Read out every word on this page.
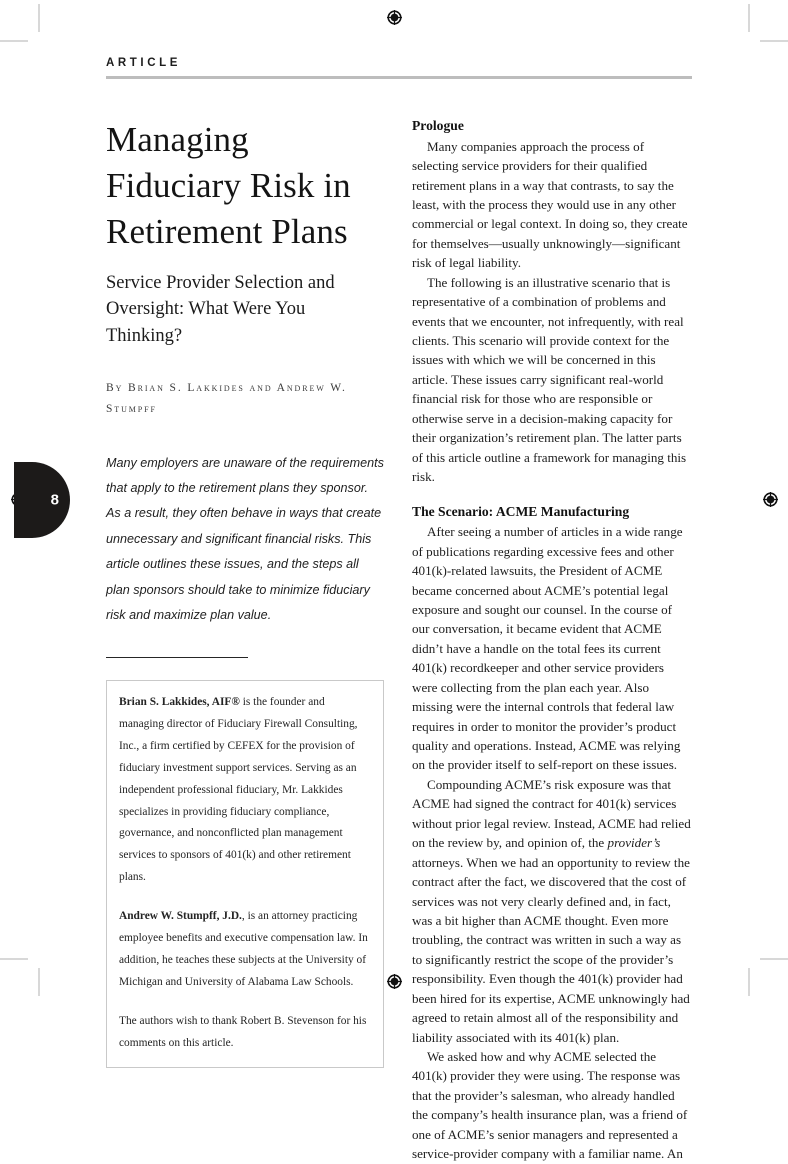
8
ARTICLE
Managing Fiduciary Risk in Retirement Plans
Service Provider Selection and Oversight: What Were You Thinking?
By Brian S. Lakkides and Andrew W. Stumpff
Many employers are unaware of the requirements that apply to the retirement plans they sponsor. As a result, they often behave in ways that create unnecessary and significant financial risks. This article outlines these issues, and the steps all plan sponsors should take to minimize fiduciary risk and maximize plan value.

Brian S. Lakkides, AIF® is the founder and managing director of Fiduciary Firewall Consulting, Inc., a firm certified by CEFEX for the provision of fiduciary investment support services. Serving as an independent professional fiduciary, Mr. Lakkides specializes in providing fiduciary compliance, governance, and nonconflicted plan management services to sponsors of 401(k) and other retirement plans.

Andrew W. Stumpff, J.D., is an attorney practicing employee benefits and executive compensation law. In addition, he teaches these subjects at the University of Michigan and University of Alabama Law Schools.

The authors wish to thank Robert B. Stevenson for his comments on this article.

Prologue

Many companies approach the process of selecting service providers for their qualified retirement plans in a way that contrasts, to say the least, with the process they would use in any other commercial or legal context. In doing so, they create for themselves—usually unknowingly—significant risk of legal liability.

The following is an illustrative scenario that is representative of a combination of problems and events that we encounter, not infrequently, with real clients. This scenario will provide context for the issues with which we will be concerned in this article. These issues carry significant real-world financial risk for those who are responsible or otherwise serve in a decision-making capacity for their organization’s retirement plan. The latter parts of this article outline a framework for managing this risk.

The Scenario: ACME Manufacturing

After seeing a number of articles in a wide range of publications regarding excessive fees and other 401(k)-related lawsuits, the President of ACME became concerned about ACME’s potential legal exposure and sought our counsel. In the course of our conversation, it became evident that ACME didn’t have a handle on the total fees its current 401(k) recordkeeper and other service providers were collecting from the plan each year. Also missing were the internal controls that federal law requires in order to monitor the provider’s product quality and operations. Instead, ACME was relying on the provider itself to self-report on these issues.

Compounding ACME’s risk exposure was that ACME had signed the contract for 401(k) services without prior legal review. Instead, ACME had relied on the review by, and opinion of, the provider’s attorneys. When we had an opportunity to review the contract after the fact, we discovered that the cost of services was not very clearly defined and, in fact, was a bit higher than ACME thought. Even more troubling, the contract was written in such a way as to significantly restrict the scope of the provider’s responsibility. Even though the 401(k) provider had been hired for its expertise, ACME unknowingly had agreed to retain almost all of the responsibility and liability associated with its 401(k) plan.

We asked how and why ACME selected the 401(k) provider they were using. The response was that the provider’s salesman, who already handled the company’s health insurance plan, was a friend of one of ACME’s senior managers and represented a service-provider company with a familiar name. An
